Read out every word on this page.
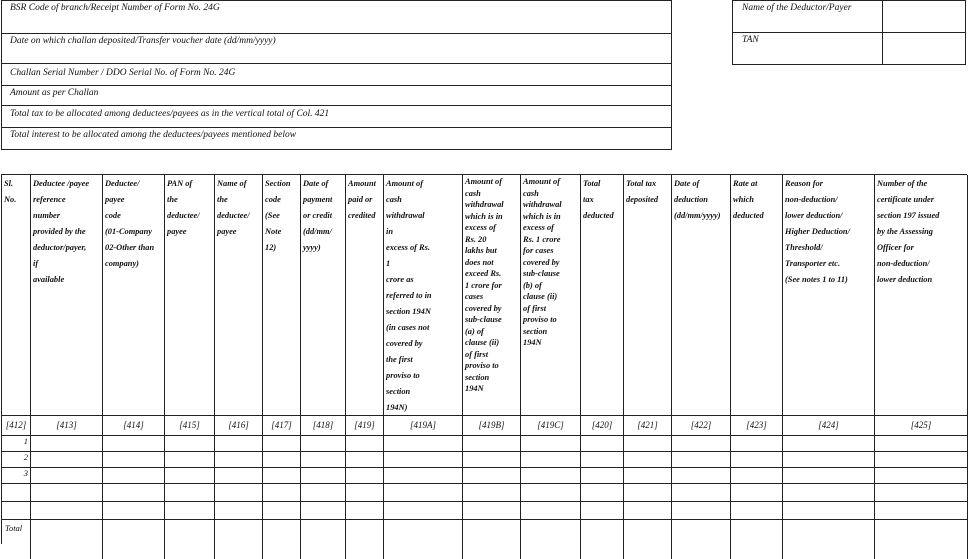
BSR Code of branch/Receipt Number of Form No. 24G
Date on which challan deposited/Transfer voucher date (dd/mm/yyyy)
Challan Serial Number / DDO Serial No. of Form No. 24G
Amount as per Challan
Total tax to be allocated among deductees/payees as in the vertical total of Col. 421
Total interest to be allocated among the deductees/payees mentioned below
Name of the Deductor/Payer
TAN
Sl.
No.
[412]
Deductee /payee
reference
number
provided by the
deductor/payer,
if
available
[413]
Deductee/
payee
code
(01-Company
02-Other than
company)
[414]
PAN of
the
deductee/
payee
[415]
Name of
the
deductee/
payee
[416]
Section
code
(See
Note
12)
[417]
Date of
payment
or credit
(dd/mm/
yyyy)
[418]
Amount
paid or
credited
[419]
Amount of
cash
withdrawal
in
excess of Rs.
1
crore as
referred to in
section 194N
(in cases not
covered by
the first
proviso to
section
194N)
[419A]
Amount of
cash
withdrawal
which is in
excess of
Rs. 20
lakhs but
does not
exceed Rs.
1 crore for
cases
covered by
sub-clause
(a) of
clause (ii)
of first
proviso to
section
194N
[419B]
Amount of
cash
withdrawal
which is in
excess of
Rs. 1 crore
for cases
covered by
sub-clause
(b) of
clause (ii)
of first
proviso to
section
194N
[419C]
Total
tax
deducted
[420]
Total tax
deposited
[421]
Date of
deduction
(dd/mm/yyyy)
[422]
Rate at
which
deducted
[423]
Reason for
non-deduction/
lower deduction/
Higher Deduction/
Threshold/
Transporter etc.
(See notes 1 to 11)
[424]
Number of the
certificate under
section 197 issued
by the Assessing
Officer for
non-deduction/
lower deduction
[425]
1
2
3
Total
